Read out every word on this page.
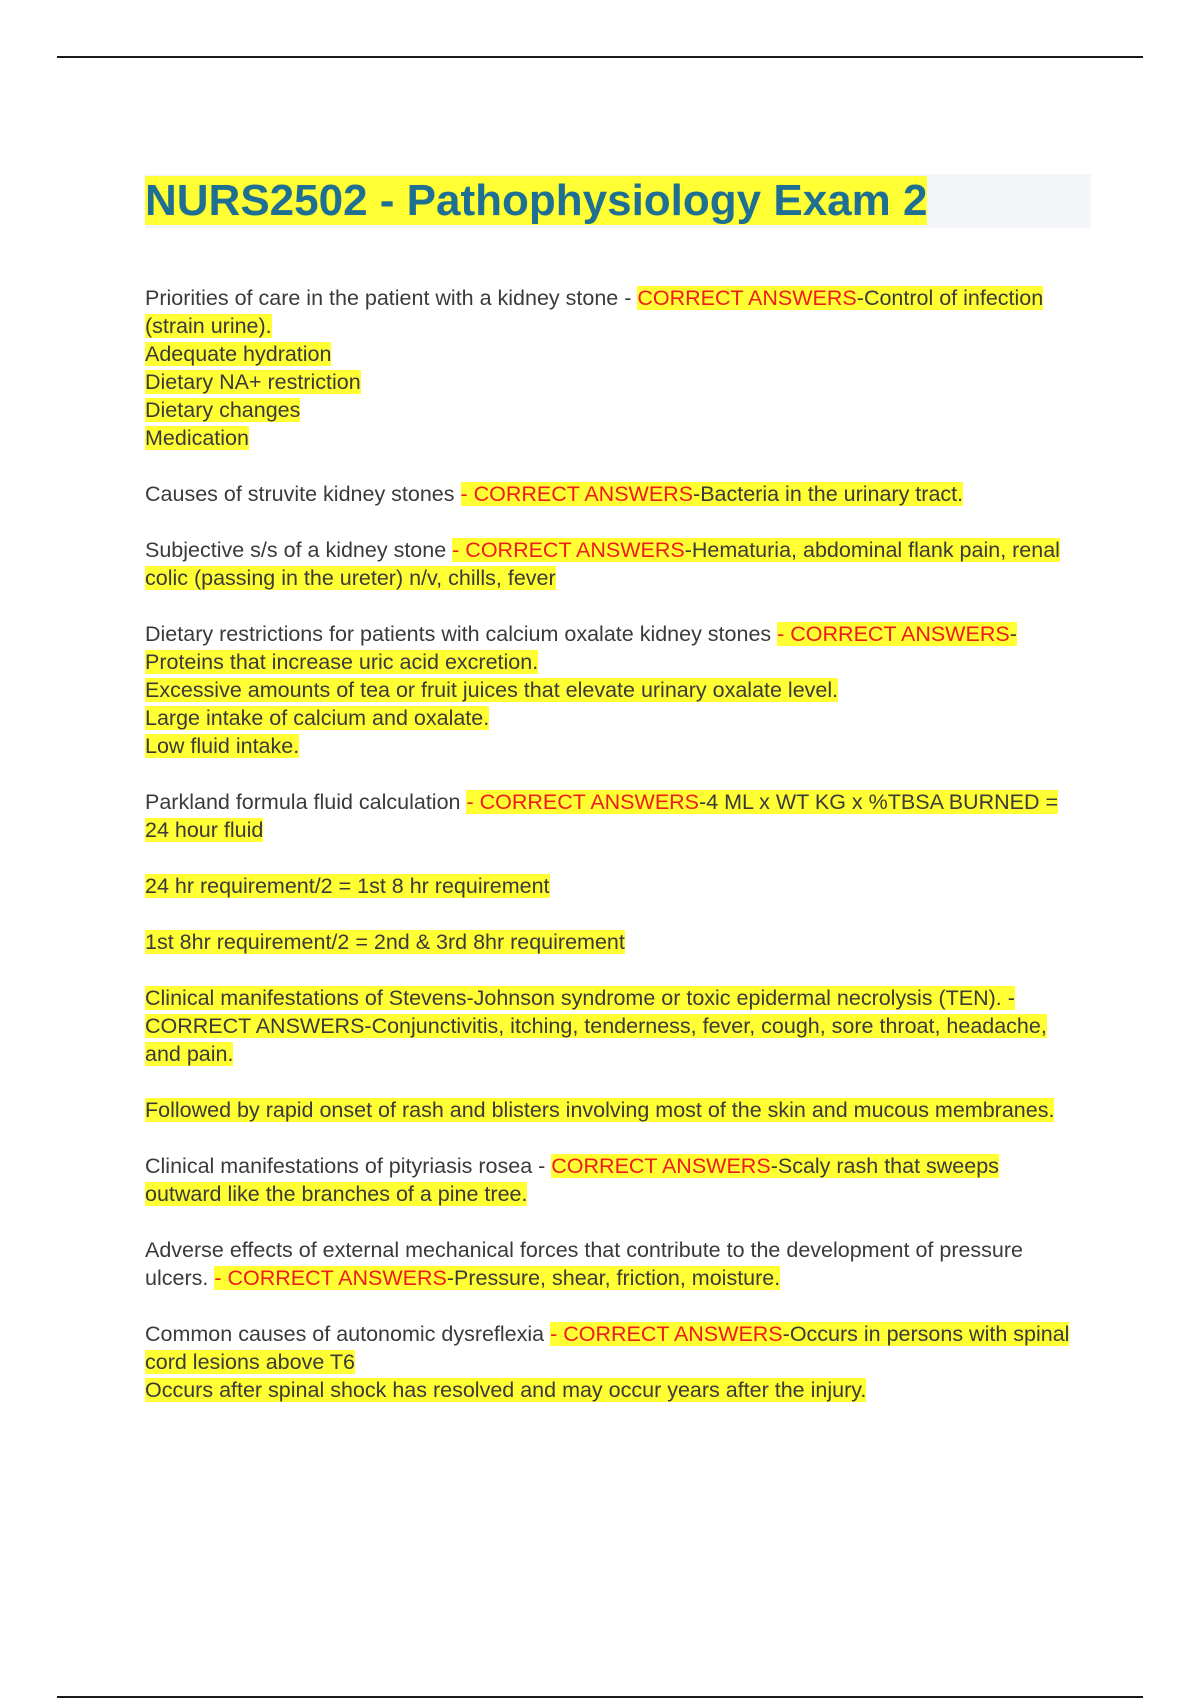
NURS2502 - Pathophysiology Exam 2

Priorities of care in the patient with a kidney stone - CORRECT ANSWERS-Control of infection (strain urine).
Adequate hydration
Dietary NA+ restriction
Dietary changes
Medication

Causes of struvite kidney stones - CORRECT ANSWERS-Bacteria in the urinary tract.

Subjective s/s of a kidney stone - CORRECT ANSWERS-Hematuria, abdominal flank pain, renal colic (passing in the ureter) n/v, chills, fever

Dietary restrictions for patients with calcium oxalate kidney stones - CORRECT ANSWERS-Proteins that increase uric acid excretion.
Excessive amounts of tea or fruit juices that elevate urinary oxalate level.
Large intake of calcium and oxalate.
Low fluid intake.

Parkland formula fluid calculation - CORRECT ANSWERS-4 ML x WT KG x %TBSA BURNED = 24 hour fluid

24 hr requirement/2 = 1st 8 hr requirement

1st 8hr requirement/2 = 2nd & 3rd 8hr requirement

Clinical manifestations of Stevens-Johnson syndrome or toxic epidermal necrolysis (TEN). - CORRECT ANSWERS-Conjunctivitis, itching, tenderness, fever, cough, sore throat, headache, and pain.

Followed by rapid onset of rash and blisters involving most of the skin and mucous membranes.

Clinical manifestations of pityriasis rosea - CORRECT ANSWERS-Scaly rash that sweeps outward like the branches of a pine tree.

Adverse effects of external mechanical forces that contribute to the development of pressure ulcers. - CORRECT ANSWERS-Pressure, shear, friction, moisture.

Common causes of autonomic dysreflexia - CORRECT ANSWERS-Occurs in persons with spinal cord lesions above T6
Occurs after spinal shock has resolved and may occur years after the injury.
